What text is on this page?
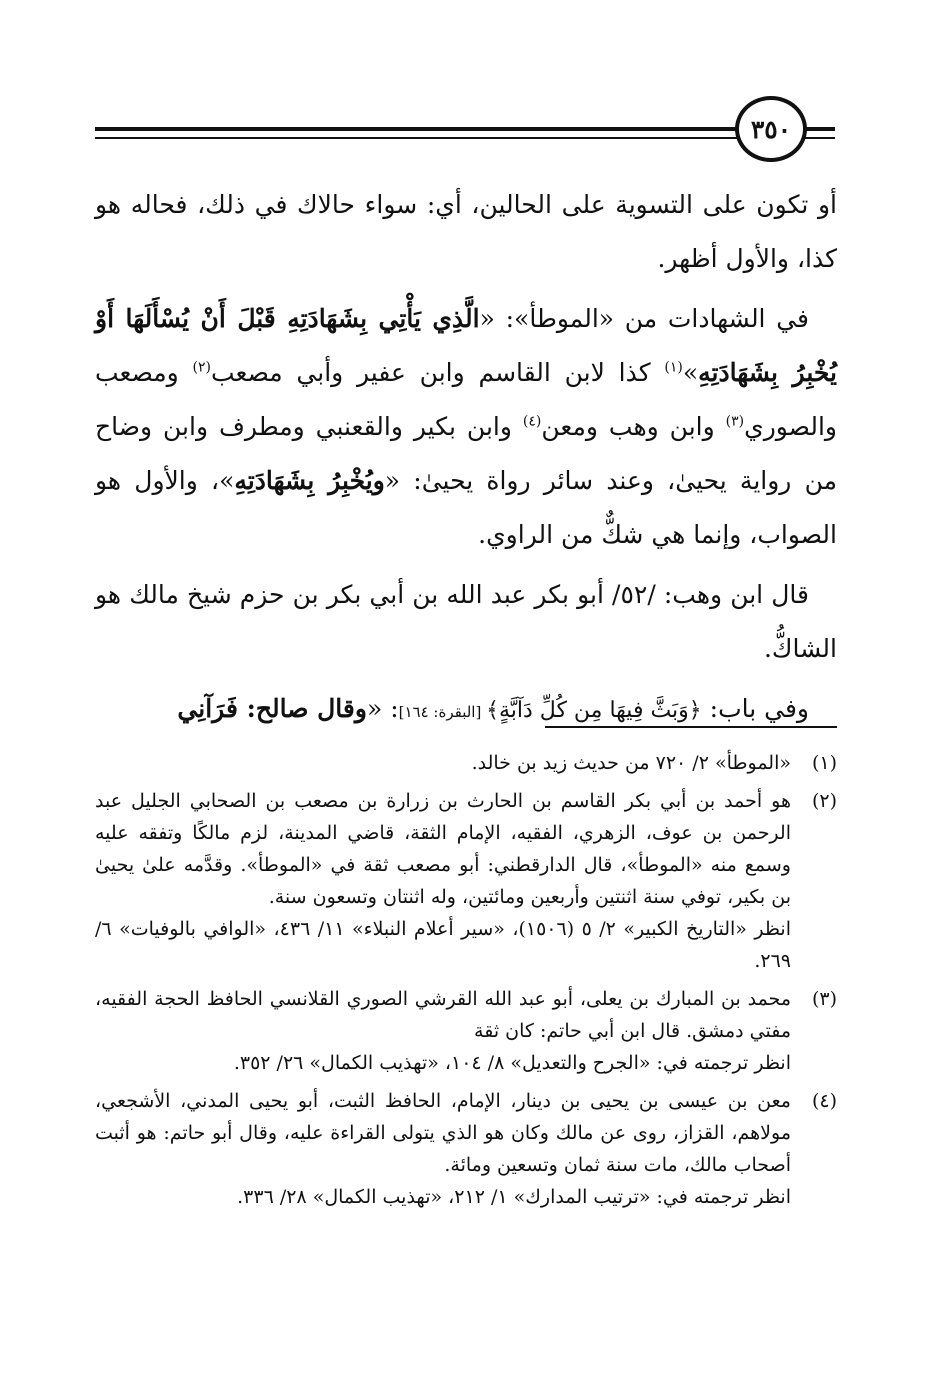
٣٥٠

أو تكون على التسوية على الحالين، أي: سواء حالاك في ذلك، فحاله هو كذا، والأول أظهر.

في الشهادات من «الموطأ»: «الَّذِي يَأْتِي بِشَهَادَتِهِ قَبْلَ أَنْ يُسْأَلَهَا أَوْ يُخْبِرُ بِشَهَادَتِهِ»$^{(١)}$ كذا لابن القاسم وابن عفير وأبي مصعب$^{(٢)}$ ومصعب والصوري$^{(٣)}$ وابن وهب ومعن$^{(٤)}$ وابن بكير والقعنبي ومطرف وابن وضاح من رواية يحيىٰ، وعند سائر رواة يحيىٰ: «ويُخْبِرُ بِشَهَادَتِهِ»، والأول هو الصواب، وإنما هي شكٌّ من الراوي.

قال ابن وهب: /٥٢/ أبو بكر عبد الله بن أبي بكر بن حزم شيخ مالك هو الشاكُّ.

وفي باب: ﴿وَبَثَّ فِيهَا مِن كُلِّ دَآبَّةٍ﴾ [البقرة: ١٦٤]: «وقال صالح: فَرَآنِي

(١)
«الموطأ» ٢/ ٧٢٠ من حديث زيد بن خالد.
(٢)
هو أحمد بن أبي بكر القاسم بن الحارث بن زرارة بن مصعب بن الصحابي الجليل عبد الرحمن بن عوف، الزهري، الفقيه، الإمام الثقة، قاضي المدينة، لزم مالكًا وتفقه عليه وسمع منه «الموطأ»، قال الدارقطني: أبو مصعب ثقة في «الموطأ». وقدَّمه علىٰ يحيىٰ بن بكير، توفي سنة اثنتين وأربعين ومائتين، وله اثنتان وتسعون سنة.
انظر «التاريخ الكبير» ٢/ ٥ (١٥٠٦)، «سير أعلام النبلاء» ١١/ ٤٣٦، «الوافي بالوفيات» ٦/ ٢٦٩.
(٣)
محمد بن المبارك بن يعلى، أبو عبد الله القرشي الصوري القلانسي الحافظ الحجة الفقيه، مفتي دمشق. قال ابن أبي حاتم: كان ثقة
انظر ترجمته في: «الجرح والتعديل» ٨/ ١٠٤، «تهذيب الكمال» ٢٦/ ٣٥٢.
(٤)
معن بن عيسى بن يحيى بن دينار، الإمام، الحافظ الثبت، أبو يحيى المدني، الأشجعي، مولاهم، القزاز، روى عن مالك وكان هو الذي يتولى القراءة عليه، وقال أبو حاتم: هو أثبت أصحاب مالك، مات سنة ثمان وتسعين ومائة.
انظر ترجمته في: «ترتيب المدارك» ١/ ٢١٢، «تهذيب الكمال» ٢٨/ ٣٣٦.
